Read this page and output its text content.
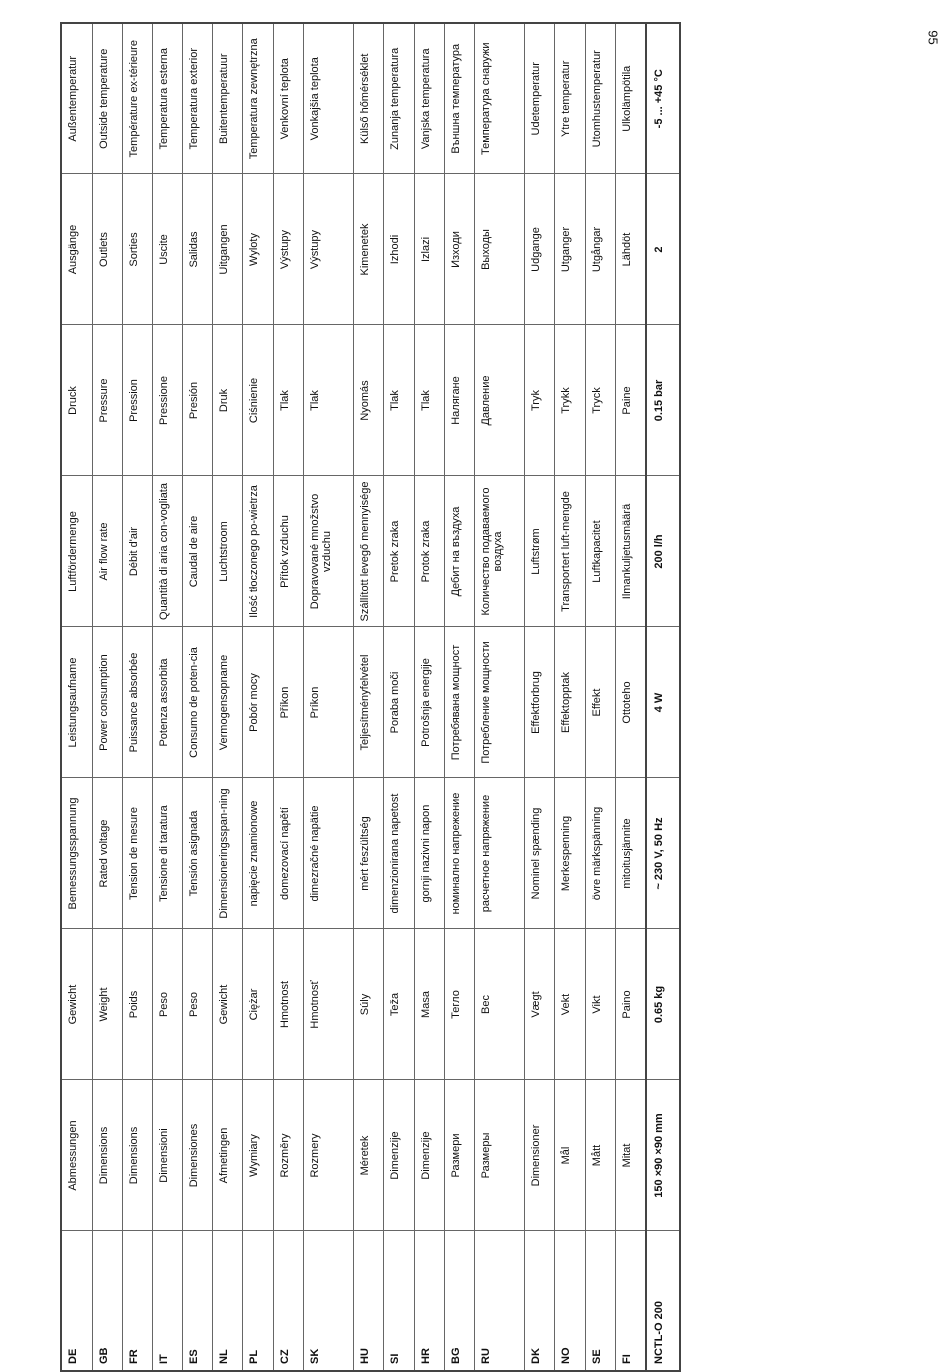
95
DE	Abmessungen	Gewicht	Bemessungsspannung	Leistungsaufname	Luftfördermenge	Druck	Ausgänge	Außentemperatur
GB	Dimensions	Weight	Rated voltage	Power consumption	Air flow rate	Pressure	Outlets	Outside temperature
FR	Dimensions	Poids	Tension de mesure	Puissance absorbée	Débit d'air	Pression	Sorties	Température ex-térieure
IT	Dimensioni	Peso	Tensione di taratura	Potenza assorbita	Quantità di aria con-vogliata	Pressione	Uscite	Temperatura esterna
ES	Dimensiones	Peso	Tensión asignada	Consumo de poten-cia	Caudal de aire	Presión	Salidas	Temperatura exterior
NL	Afmetingen	Gewicht	Dimensioneringsspan-ning	Vermogensopname	Luchtstroom	Druk	Uitgangen	Buitentemperatuur
PL	Wymiary	Ciężar	napięcie znamionowe	Pobór mocy	Ilość tłoczonego po-wietrza	Ciśnienie	Wyloty	Temperatura zewnętrzna
CZ	Rozměry	Hmotnost	domezovací napětí	Příkon	Přítok vzduchu	Tlak	Výstupy	Venkovní teplota
SK	Rozmery	Hmotnosť	dimezračné napätie	Príkon	Dopravované množstvo vzduchu	Tlak	Výstupy	Vonkajšia teplota
HU	Méretek	Súly	mért feszültség	Teljesítményfelvétel	Szállított levegő mennyisége	Nyomás	Kimenetek	Külső hőmérséklet
SI	Dimenzije	Teža	dimenzionirana napetost	Poraba moči	Pretok zraka	Tlak	Izhodi	Zunanja temperatura
HR	Dimenzije	Masa	gornji nazivni napon	Potrošnja energije	Protok zraka	Tlak	Izlazi	Vanjska temperatura
BG	Размери	Тегло	номинално напрежение	Потребявана мощност	Дебит на въздуха	Налягане	Изходи	Външна температура
RU	Размеры	Вес	расчетное напряжение	Потребление мощности	Количество подаваемого воздуха	Давление	Выходы	Температура снаружи
DK	Dimensioner	Vægt	Nominel spænding	Effektforbrug	Luftstrøm	Tryk	Udgange	Udetemperatur
NO	Mål	Vekt	Merkespenning	Effektopptak	Transportert luft-mengde	Trykk	Utganger	Ytre temperatur
SE	Mått	Vikt	övre märkspänning	Effekt	Luftkapacitet	Tryck	Utgångar	Utomhustemperatur
FI	Mitat	Paino	mitoitusjännite	Ottoteho	Ilmankuljetusmäärä	Paine	Lähdöt	Ulkolämpötila
NCTL-O 200	150 ×90 ×90 mm	0.65 kg	~ 230 V, 50 Hz	4 W	200 l/h	0.15 bar	2	-5 ... +45 °C
